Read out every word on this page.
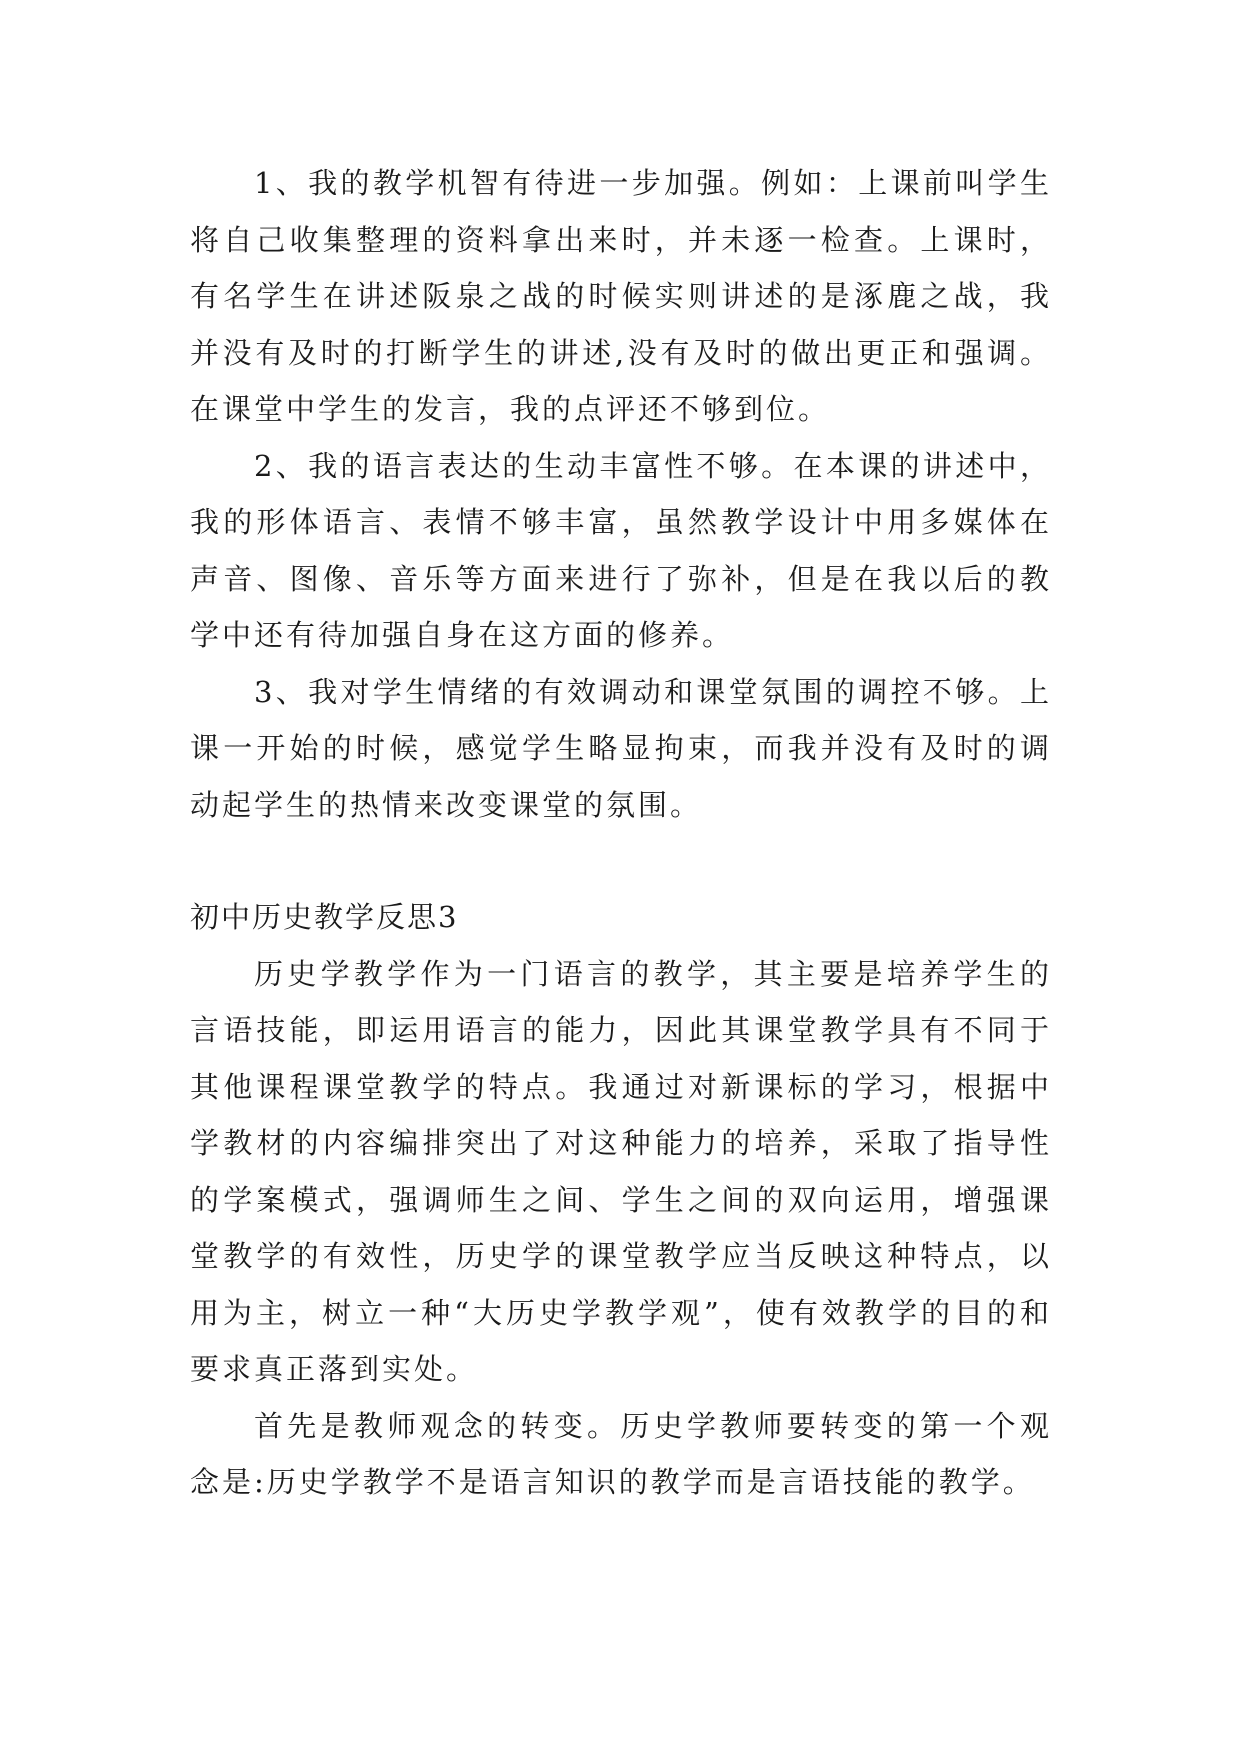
1、我的教学机智有待进一步加强。例如：上课前叫学生将自己收集整理的资料拿出来时，并未逐一检查。上课时，有名学生在讲述阪泉之战的时候实则讲述的是涿鹿之战，我并没有及时的打断学生的讲述,没有及时的做出更正和强调。在课堂中学生的发言，我的点评还不够到位。

2、我的语言表达的生动丰富性不够。在本课的讲述中，我的形体语言、表情不够丰富，虽然教学设计中用多媒体在声音、图像、音乐等方面来进行了弥补，但是在我以后的教学中还有待加强自身在这方面的修养。

3、我对学生情绪的有效调动和课堂氛围的调控不够。上课一开始的时候，感觉学生略显拘束，而我并没有及时的调动起学生的热情来改变课堂的氛围。

初中历史教学反思3

历史学教学作为一门语言的教学，其主要是培养学生的言语技能，即运用语言的能力，因此其课堂教学具有不同于其他课程课堂教学的特点。我通过对新课标的学习，根据中学教材的内容编排突出了对这种能力的培养，采取了指导性的学案模式，强调师生之间、学生之间的双向运用，增强课堂教学的有效性，历史学的课堂教学应当反映这种特点，以用为主，树立一种“大历史学教学观”，使有效教学的目的和要求真正落到实处。

首先是教师观念的转变。历史学教师要转变的第一个观念是:历史学教学不是语言知识的教学而是言语技能的教学。
